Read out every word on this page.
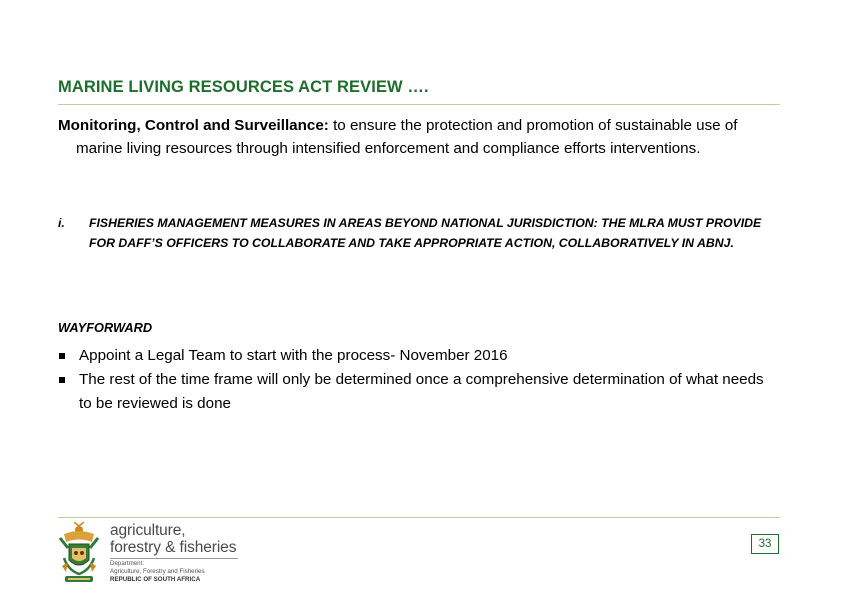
MARINE LIVING RESOURCES ACT REVIEW ….

Monitoring, Control and Surveillance: to ensure the protection and promotion of sustainable use of marine living resources through intensified enforcement and compliance efforts interventions.

i. FISHERIES MANAGEMENT MEASURES IN AREAS BEYOND NATIONAL JURISDICTION: THE MLRA MUST PROVIDE FOR DAFF’S OFFICERS TO COLLABORATE AND TAKE APPROPRIATE ACTION, COLLABORATIVELY IN ABNJ.
WAYFORWARD
Appoint a Legal Team to start with the process- November 2016
The rest of the time frame will only be determined once a comprehensive determination of what needs to be reviewed is done
agriculture,
forestry & fisheries
Department:
Agriculture, Forestry and Fisheries
REPUBLIC OF SOUTH AFRICA
33
